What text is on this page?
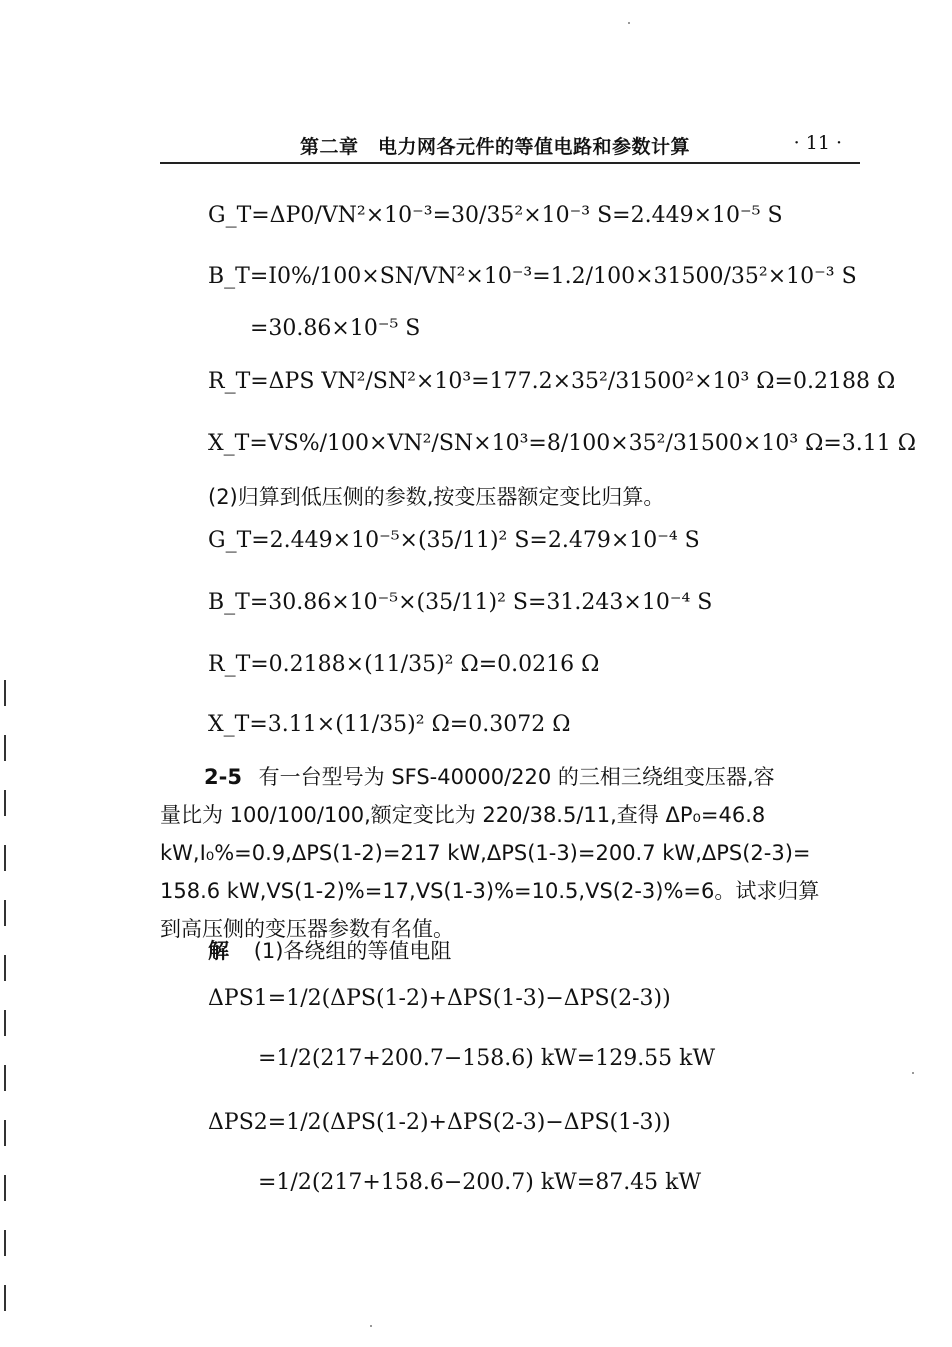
第二章　电力网各元件的等值电路和参数计算	· 11 ·
G_T=ΔP0/VN²×10⁻³=30/35²×10⁻³ S=2.449×10⁻⁵ S
B_T=I0%/100×SN/VN²×10⁻³=1.2/100×31500/35²×10⁻³ S
=30.86×10⁻⁵ S
R_T=ΔPS VN²/SN²×10³=177.2×35²/31500²×10³ Ω=0.2188 Ω
X_T=VS%/100×VN²/SN×10³=8/100×35²/31500×10³ Ω=3.11 Ω
(2)归算到低压侧的参数,按变压器额定变比归算。
G_T=2.449×10⁻⁵×(35/11)² S=2.479×10⁻⁴ S
B_T=30.86×10⁻⁵×(35/11)² S=31.243×10⁻⁴ S
R_T=0.2188×(11/35)² Ω=0.0216 Ω
X_T=3.11×(11/35)² Ω=0.3072 Ω
2-5 有一台型号为 SFS-40000/220 的三相三绕组变压器,容
量比为 100/100/100,额定变比为 220/38.5/11,查得 ΔP₀=46.8
kW,I₀%=0.9,ΔPS(1-2)=217 kW,ΔPS(1-3)=200.7 kW,ΔPS(2-3)=
158.6 kW,VS(1-2)%=17,VS(1-3)%=10.5,VS(2-3)%=6。试求归算
到高压侧的变压器参数有名值。
解 (1)各绕组的等值电阻
ΔPS1=1/2(ΔPS(1-2)+ΔPS(1-3)−ΔPS(2-3))
=1/2(217+200.7−158.6) kW=129.55 kW
ΔPS2=1/2(ΔPS(1-2)+ΔPS(2-3)−ΔPS(1-3))
=1/2(217+158.6−200.7) kW=87.45 kW
